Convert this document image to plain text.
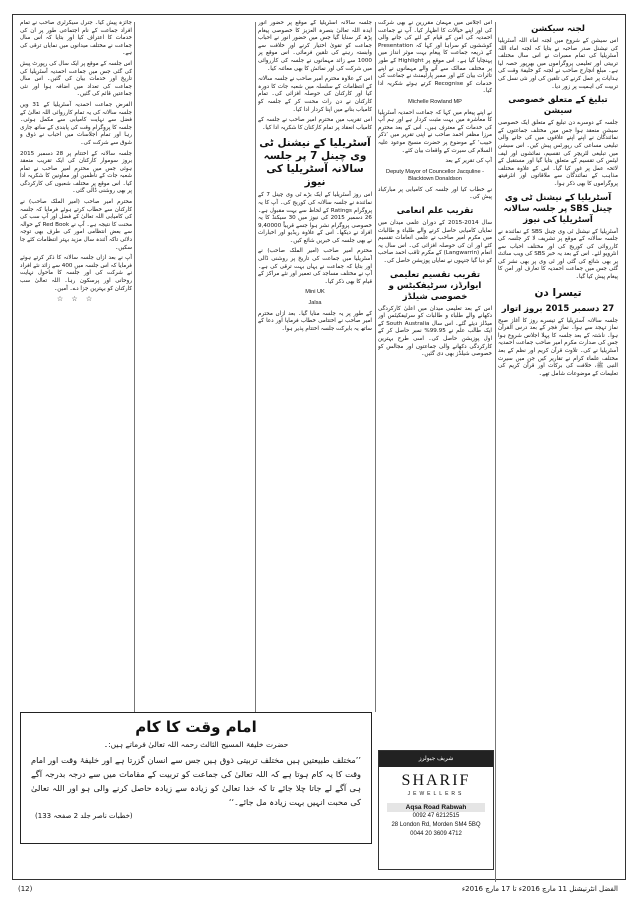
لجنہ سیکشن

اس سیشن کے شروع میں لجنہ اماء اللہ آسٹریلیا کی نیشنل صدر صاحبہ نے بتایا کہ لجنہ اماء اللہ آسٹریلیا کی تمام ممبرات نے اس سال مختلف تربیتی اور تعلیمی پروگراموں میں بھرپور حصہ لیا ہے۔ مبلغ انچارج صاحب نے لجنہ کو خلیفۂ وقت کی ہدایات پر عمل کرنے کی تلقین کی اور نئی نسل کی تربیت کی اہمیت پر زور دیا۔

تبلیغ کے متعلق خصوصی سیشن

جلسہ کے دوسرے دن تبلیغ کے متعلق ایک خصوصی سیشن منعقد ہوا جس میں مختلف جماعتوں کے نمائندگان نے اپنے اپنے علاقوں میں کی جانے والی تبلیغی مساعی کی رپورٹس پیش کیں۔ اس سیشن میں تبلیغی لٹریچر کی تقسیم، نمائشوں اور لیف لیٹس کی تقسیم کے متعلق بتایا گیا اور مستقبل کے لائحہ عمل پر غور کیا گیا۔ اس کے علاوہ مختلف مذاہب کے نمائندگان سے ملاقاتوں اور انٹرفیتھ پروگراموں کا بھی ذکر ہوا۔

آسٹریلیا کے نیشنل ٹی وی چینل SBS پر جلسہ سالانہ آسٹریلیا کی نیوز

آسٹریلیا کے نیشنل ٹی وی چینل SBS کے نمائندہ نے جلسہ سالانہ کے موقع پر تشریف لا کر جلسہ کی کارروائی کی کوریج کی اور مختلف احباب سے انٹرویو لئے۔ اس کے بعد یہ خبر SBS کی ویب سائٹ پر بھی شائع کی گئی اور ٹی وی پر بھی نشر کی گئی جس میں جماعت احمدیہ کا تعارف اور امن کا پیغام پیش کیا گیا۔

تیسرا دن
27 دسمبر 2015 بروز اتوار

جلسہ سالانہ آسٹریلیا کے تیسرے روز کا آغاز صبح نماز تہجد سے ہوا۔ نماز فجر کے بعد درس القرآن ہوا۔ ناشتہ کے بعد جلسہ کا پہلا اجلاس شروع ہوا جس کی صدارت مکرم امیر صاحب جماعت احمدیہ آسٹریلیا نے کی۔ تلاوت قرآن کریم اور نظم کے بعد مختلف علماء کرام نے تقاریر کیں جن میں سیرت النبی ﷺ، خلافت کی برکات اور قرآن کریم کی تعلیمات کے موضوعات شامل تھے۔

اس اجلاس میں مہمان مقررین نے بھی شرکت کی اور اپنے خیالات کا اظہار کیا۔ آپ نے جماعت احمدیہ کی امن کے قیام کے لئے کی جانے والی کوششوں کو سراہا اور کہا کہ Presentation کے ذریعہ جماعت کا پیغام بہت موثر انداز میں پہنچایا گیا ہے۔ اس موقع پر Highlight کے طور پر مختلف ممالک سے آنے والے مہمانوں نے اپنے تاثرات بیان کئے اور ممبر پارلیمنٹ نے جماعت کی خدمات کو Recognise کرتے ہوئے شکریہ ادا کیا۔

Michelle Rowland MP

نے اپنے پیغام میں کہا کہ جماعت احمدیہ آسٹریلیا کا معاشرہ میں بہت مثبت کردار ہے اور ہم آپ کی خدمات کے معترف ہیں۔ اس کے بعد محترم مرزا مظفر احمد صاحب نے اپنی تقریر میں ’ذکر حبیب‘ کے موضوع پر حضرت مسیح موعود علیہ السلام کی سیرت کے واقعات بیان کئے۔

آپ کی تقریر کے بعد

Deputy Mayor of Councellor Jacquline - Blacktown Donaldson

نے خطاب کیا اور جلسہ کی کامیابی پر مبارکباد پیش کی۔

تقریب علم انعامی

سال 2014-2015 کے دوران علمی میدان میں نمایاں کامیابی حاصل کرنے والے طلباء و طالبات میں مکرم امیر صاحب نے علمی انعامات تقسیم کئے اور ان کی حوصلہ افزائی کی۔ اس سال یہ انعام (Langwarrin) کے مکرم ثاقب احمد صاحب کو دیا گیا جنہوں نے نمایاں پوزیشن حاصل کی۔

تقریب تقسیم تعلیمی ایوارڈز، سرٹیفکیٹس و خصوصی شیلڈز

اس کے بعد تعلیمی میدان میں اعلیٰ کارکردگی دکھانے والے طلباء و طالبات کو سرٹیفکیٹس اور میڈلز دیئے گئے۔ اس سال South Australia کے ایک طالب علم نے 99.95% نمبر حاصل کر کے اول پوزیشن حاصل کی۔ اسی طرح بہترین کارکردگی دکھانے والی جماعتوں اور مجالس کو خصوصی شیلڈز بھی دی گئیں۔

جلسہ سالانہ آسٹریلیا کے موقع پر حضور انور ایدہ اللہ تعالیٰ بنصرہ العزیز کا خصوصی پیغام پڑھ کر سنایا گیا جس میں حضور انور نے احباب جماعت کو تقویٰ اختیار کرنے اور خلافت سے وابستہ رہنے کی تلقین فرمائی۔ اس موقع پر 1000 سے زائد مہمانوں نے جلسہ کی کارروائی میں شرکت کی اور نمائش کا بھی معائنہ کیا۔

اس کے علاوہ محترم امیر صاحب نے جلسہ سالانہ کے انتظامات کے سلسلہ میں شعبہ جات کا دورہ کیا اور کارکنان کی حوصلہ افزائی کی۔ تمام کارکنان نے دن رات محنت کر کے جلسہ کو کامیاب بنانے میں اپنا کردار ادا کیا۔

اس تقریب میں محترم امیر صاحب نے جلسہ کے کامیاب انعقاد پر تمام کارکنان کا شکریہ ادا کیا۔

آسٹریلیا کے نیشنل ٹی وی چینل 7 پر جلسہ سالانہ آسٹریلیا کی نیوز

اس روز آسٹریلیا کے ایک بڑے ٹی وی چینل 7 کے نمائندہ نے جلسہ سالانہ کی کوریج کی۔ آپ کا یہ پروگرام Ratings کے لحاظ سے بہت مقبول ہے۔ 26 دسمبر 2015 کی نیوز میں 30 سیکنڈ کا یہ خصوصی پروگرام نشر ہوا جسے قریباً 9,40000 افراد نے دیکھا۔ اس کے علاوہ ریڈیو اور اخبارات نے بھی جلسہ کی خبریں شائع کیں۔

محترم امیر صاحب (امیر الملک صاحب) نے آسٹریلیا میں جماعت کی تاریخ پر روشنی ڈالی اور بتایا کہ جماعت نے یہاں بہت ترقی کی ہے۔ آپ نے مختلف مساجد کی تعمیر اور نئے مراکز کے قیام کا بھی ذکر کیا۔

Mini UK

Jalsa

کے طور پر یہ جلسہ منایا گیا۔ بعد ازاں محترم امیر صاحب نے اختتامی خطاب فرمایا اور دعا کے ساتھ یہ بابرکت جلسہ اختتام پذیر ہوا۔

جائزہ پیش کیا۔ جنرل سیکرٹری صاحب نے تمام افراد جماعت کے نام اجتماعی طور پر ان کی خدمات کا اعتراف کیا اور بتایا کہ اس سال جماعت نے مختلف میدانوں میں نمایاں ترقی کی ہے۔

اس جلسہ کے موقع پر ایک سال کی رپورٹ پیش کی گئی جس میں جماعت احمدیہ آسٹریلیا کی تاریخ اور خدمات بیان کی گئیں۔ اس سال جماعت کی تعداد میں اضافہ ہوا اور نئی جماعتیں قائم کی گئیں۔

الفرض جماعت احمدیہ آسٹریلیا کے 31 ویں جلسہ سالانہ کی یہ تمام کارروائی اللہ تعالیٰ کے فضل سے نہایت کامیابی سے مکمل ہوئی۔ جلسہ کا پروگرام وقت کی پابندی کے ساتھ جاری رہا اور تمام اجلاسات میں احباب نے ذوق و شوق سے شرکت کی۔

جلسہ سالانہ کے اختتام پر 28 دسمبر 2015 بروز سوموار کارکنان کی ایک تقریب منعقد ہوئی جس میں محترم امیر صاحب نے تمام شعبہ جات کے ناظمین اور معاونین کا شکریہ ادا کیا۔ اس موقع پر مختلف شعبوں کی کارکردگی پر بھی روشنی ڈالی گئی۔

محترم امیر صاحب (امیر الملک صاحب) نے کارکنان سے خطاب کرتے ہوئے فرمایا کہ جلسہ کی کامیابی اللہ تعالیٰ کے فضل اور آپ سب کی محنت کا نتیجہ ہے۔ آپ نے Red Book کے حوالہ سے بعض انتظامی امور کی طرف بھی توجہ دلائی تاکہ آئندہ سال مزید بہتر انتظامات کئے جا سکیں۔

آپ نے بعد ازاں جلسہ سالانہ کا ذکر کرتے ہوئے فرمایا کہ اس جلسہ میں 400 سے زائد نئے افراد نے شرکت کی اور جلسہ کا ماحول نہایت روحانی اور پرسکون رہا۔ اللہ تعالیٰ سب کارکنان کو بہترین جزا دے۔ آمین۔

☆ ☆ ☆
امام وقت کا کام
حضرت خلیفۃ المسیح الثالث رحمہ اللہ تعالیٰ فرماتے ہیں:۔
’’مختلف طبیعتیں ہیں مختلف تربیتی ذوق ہیں جس سے انسان گزرتا ہے اور خلیفۂ وقت اور امام وقت کا یہ کام ہوتا ہے کہ اللہ تعالیٰ کی جماعت کو تربیت کے مقامات میں سے درجہ بدرجہ آگے ہی آگے لے جاتا چلا جائے تا کہ خدا تعالیٰ کو زیادہ سے زیادہ حاصل کرنے والی ہو اور اللہ تعالیٰ کی محبت انہیں بہت زیادہ مل جائے۔‘‘
(خطبات ناصر جلد 2 صفحہ 133)
شریف جیولرز
SHARIF
JEWELLERS
Aqsa Road Rabwah
0092 47 6212515
28 London Rd, Morden SM4 5BQ
0044 20 3609 4712
الفضل انٹرنیشنل 11 مارچ 2016ء تا 17 مارچ 2016ء
(12)
